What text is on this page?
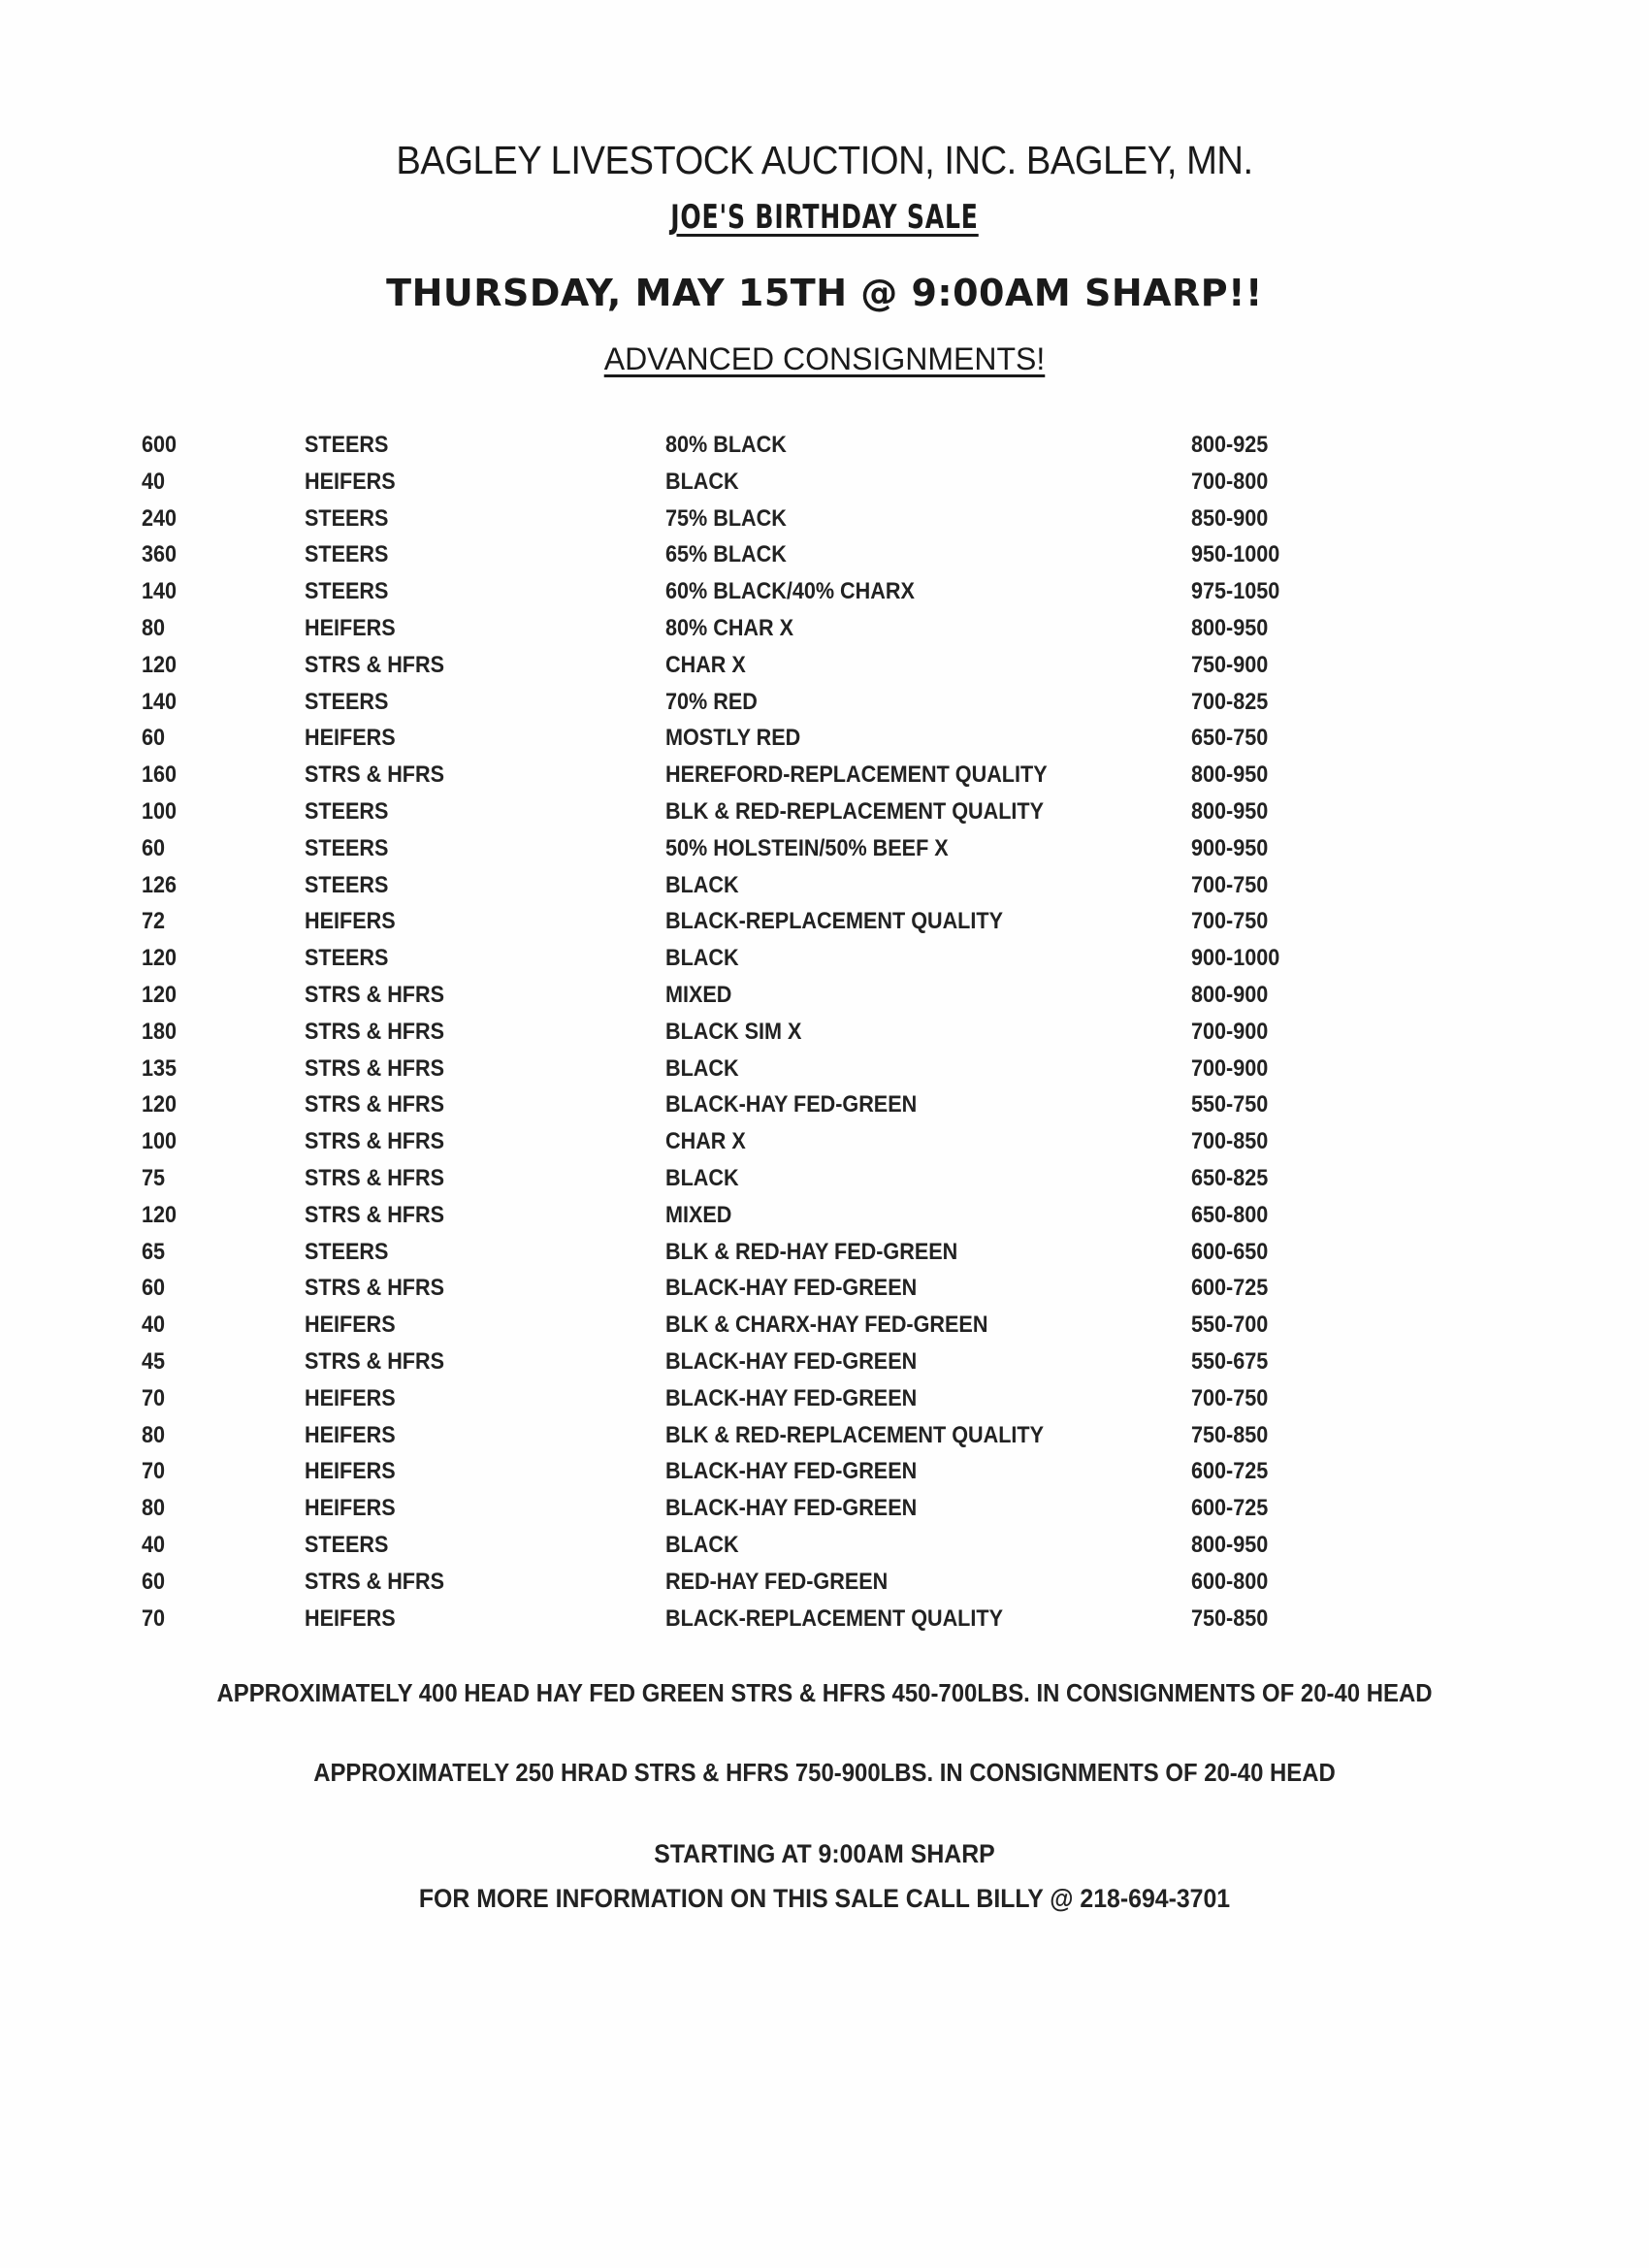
BAGLEY LIVESTOCK AUCTION, INC. BAGLEY, MN.
JOE'S BIRTHDAY SALE
THURSDAY, MAY 15TH @ 9:00AM SHARP!!
ADVANCED CONSIGNMENTS!
600	STEERS	80% BLACK	800-925
40	HEIFERS	BLACK	700-800
240	STEERS	75% BLACK	850-900
360	STEERS	65% BLACK	950-1000
140	STEERS	60% BLACK/40% CHARX	975-1050
80	HEIFERS	80% CHAR X	800-950
120	STRS & HFRS	CHAR X	750-900
140	STEERS	70% RED	700-825
60	HEIFERS	MOSTLY RED	650-750
160	STRS & HFRS	HEREFORD-REPLACEMENT QUALITY	800-950
100	STEERS	BLK & RED-REPLACEMENT QUALITY	800-950
60	STEERS	50% HOLSTEIN/50% BEEF X	900-950
126	STEERS	BLACK	700-750
72	HEIFERS	BLACK-REPLACEMENT QUALITY	700-750
120	STEERS	BLACK	900-1000
120	STRS & HFRS	MIXED	800-900
180	STRS & HFRS	BLACK SIM X	700-900
135	STRS & HFRS	BLACK	700-900
120	STRS & HFRS	BLACK-HAY FED-GREEN	550-750
100	STRS & HFRS	CHAR X	700-850
75	STRS & HFRS	BLACK	650-825
120	STRS & HFRS	MIXED	650-800
65	STEERS	BLK & RED-HAY FED-GREEN	600-650
60	STRS & HFRS	BLACK-HAY FED-GREEN	600-725
40	HEIFERS	BLK & CHARX-HAY FED-GREEN	550-700
45	STRS & HFRS	BLACK-HAY FED-GREEN	550-675
70	HEIFERS	BLACK-HAY FED-GREEN	700-750
80	HEIFERS	BLK & RED-REPLACEMENT QUALITY	750-850
70	HEIFERS	BLACK-HAY FED-GREEN	600-725
80	HEIFERS	BLACK-HAY FED-GREEN	600-725
40	STEERS	BLACK	800-950
60	STRS & HFRS	RED-HAY FED-GREEN	600-800
70	HEIFERS	BLACK-REPLACEMENT QUALITY	750-850
APPROXIMATELY 400 HEAD HAY FED GREEN STRS & HFRS 450-700LBS. IN CONSIGNMENTS OF 20-40 HEAD
APPROXIMATELY 250 HRAD STRS & HFRS 750-900LBS. IN CONSIGNMENTS OF 20-40 HEAD
STARTING AT 9:00AM SHARP
FOR MORE INFORMATION ON THIS SALE CALL BILLY @ 218-694-3701
